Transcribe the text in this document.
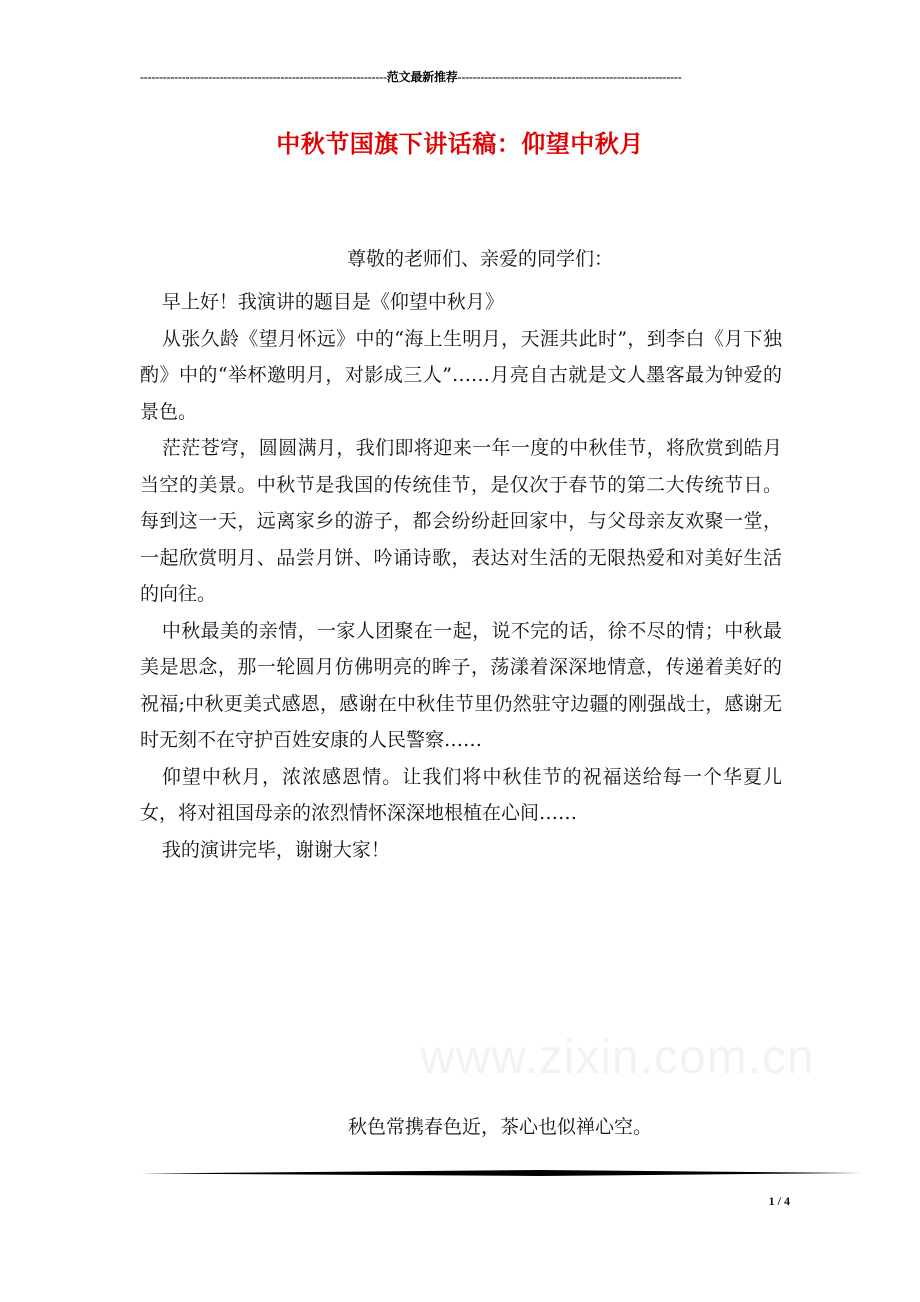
-----------------------------------------------------------------范文最新推荐-----------------------------------------------------------
中秋节国旗下讲话稿：仰望中秋月
尊敬的老师们、亲爱的同学们：

早上好！我演讲的题目是《仰望中秋月》

从张久龄《望月怀远》中的“海上生明月，天涯共此时”，到李白《月下独酌》中的“举杯邀明月，对影成三人”……月亮自古就是文人墨客最为钟爱的景色。

茫茫苍穹，圆圆满月，我们即将迎来一年一度的中秋佳节，将欣赏到皓月当空的美景。中秋节是我国的传统佳节，是仅次于春节的第二大传统节日。每到这一天，远离家乡的游子，都会纷纷赶回家中，与父母亲友欢聚一堂，一起欣赏明月、品尝月饼、吟诵诗歌，表达对生活的无限热爱和对美好生活的向往。

中秋最美的亲情，一家人团聚在一起，说不完的话，徐不尽的情；中秋最美是思念，那一轮圆月仿佛明亮的眸子，荡漾着深深地情意，传递着美好的祝福;中秋更美式感恩，感谢在中秋佳节里仍然驻守边疆的刚强战士，感谢无时无刻不在守护百姓安康的人民警察……

仰望中秋月，浓浓感恩情。让我们将中秋佳节的祝福送给每一个华夏儿女，将对祖国母亲的浓烈情怀深深地根植在心间……

我的演讲完毕，谢谢大家！

www.zixin.com.cn
秋色常携春色近，茶心也似禅心空。
1 / 4
